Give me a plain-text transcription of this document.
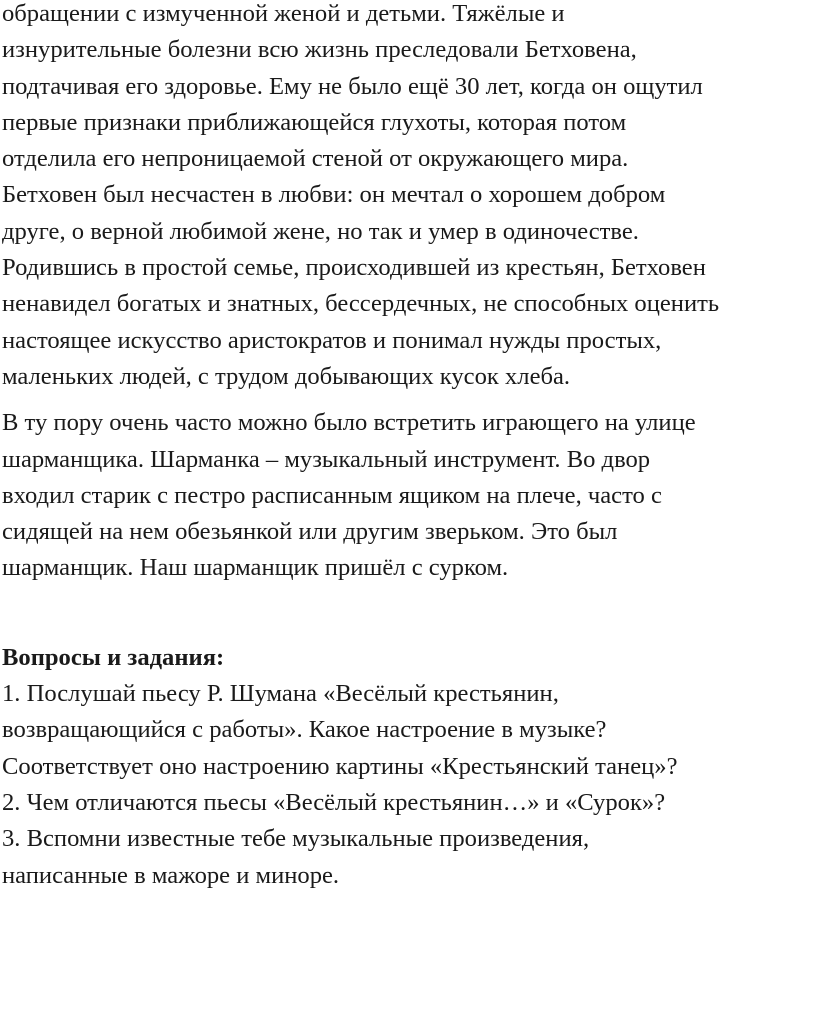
обращении с измученной женой и детьми. Тяжёлые и
изнурительные болезни всю жизнь преследовали Бетховена,
подтачивая его здоровье. Ему не было ещё 30 лет, когда он ощутил
первые признаки приближающейся глухоты, которая потом
отделила его непроницаемой стеной от окружающего мира.
Бетховен был несчастен в любви: он мечтал о хорошем добром
друге, о верной любимой жене, но так и умер в одиночестве.
Родившись в простой семье, происходившей из крестьян, Бетховен
ненавидел богатых и знатных, бессердечных, не способных оценить
настоящее искусство аристократов и понимал нужды простых,
маленьких людей, с трудом добывающих кусок хлеба.
В ту пору очень часто можно было встретить играющего на улице
шарманщика. Шарманка – музыкальный инструмент. Во двор
входил старик с пестро расписанным ящиком на плече, часто с
сидящей на нем обезьянкой или другим зверьком. Это был
шарманщик. Наш шарманщик пришёл с сурком.
Вопросы и задания:
1. Послушай пьесу Р. Шумана «Весёлый крестьянин,
возвращающийся с работы». Какое настроение в музыке?
Соответствует оно настроению картины «Крестьянский танец»?
2. Чем отличаются пьесы «Весёлый крестьянин…» и «Сурок»?
3. Вспомни известные тебе музыкальные произведения,
написанные в мажоре и миноре.
